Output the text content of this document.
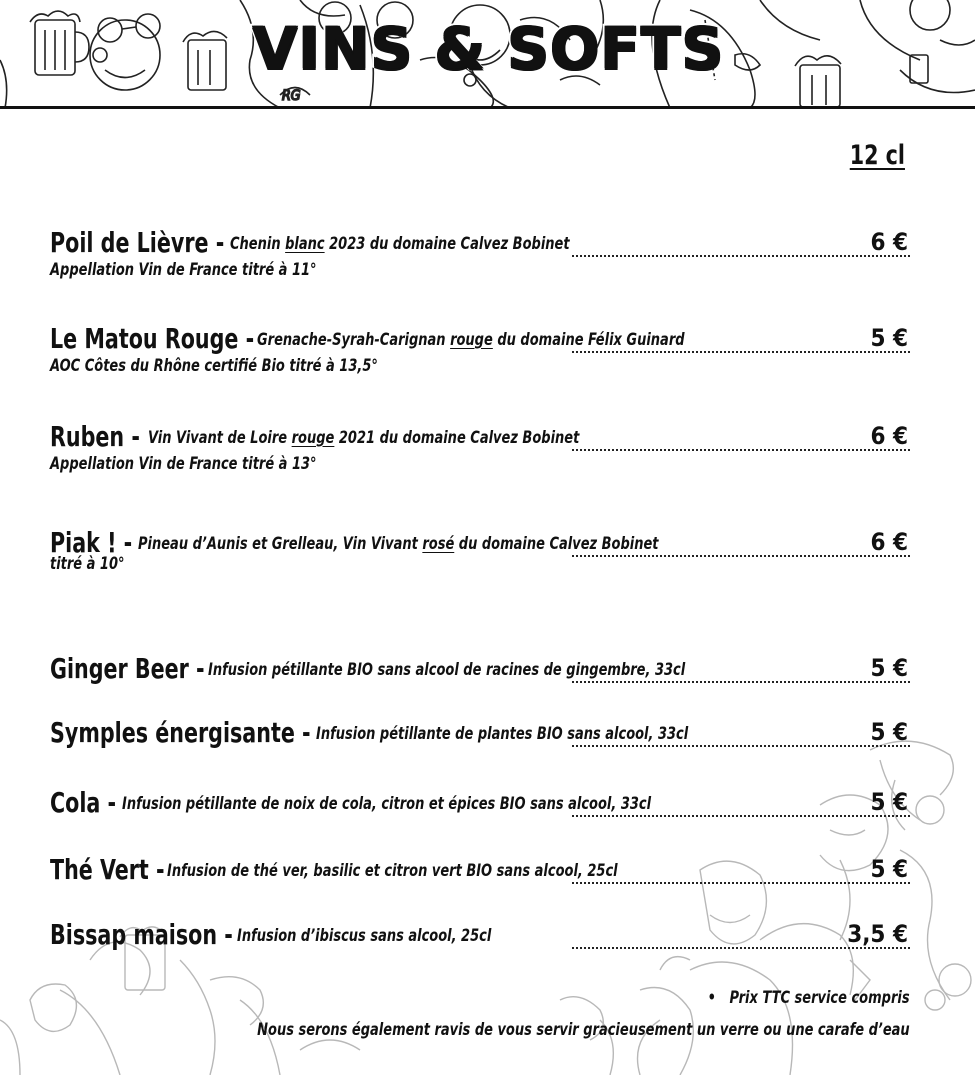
RG
VINS & SOFTS
12 cl
Poil de Lièvre - Chenin blanc 2023 du domaine Calvez Bobinet	6 €
Appellation Vin de France titré à 11°
Le Matou Rouge - Grenache-Syrah-Carignan rouge du domaine Félix Guinard	5 €
AOC Côtes du Rhône certifié Bio titré à 13,5°
Ruben - Vin Vivant de Loire rouge 2021 du domaine Calvez Bobinet	6 €
Appellation Vin de France titré à 13°
Piak ! - Pineau d’Aunis et Grelleau, Vin Vivant rosé du domaine Calvez Bobinet	6 €
titré à 10°
Ginger Beer - Infusion pétillante BIO sans alcool de racines de gingembre, 33cl	5 €
Symples énergisante - Infusion pétillante de plantes BIO sans alcool, 33cl	5 €
Cola - Infusion pétillante de noix de cola, citron et épices BIO sans alcool, 33cl	5 €
Thé Vert - Infusion de thé ver, basilic et citron vert BIO sans alcool, 25cl	5 €
Bissap maison - Infusion d’ibiscus sans alcool, 25cl	3,5 €
• Prix TTC service compris
Nous serons également ravis de vous servir gracieusement un verre ou une carafe d’eau
